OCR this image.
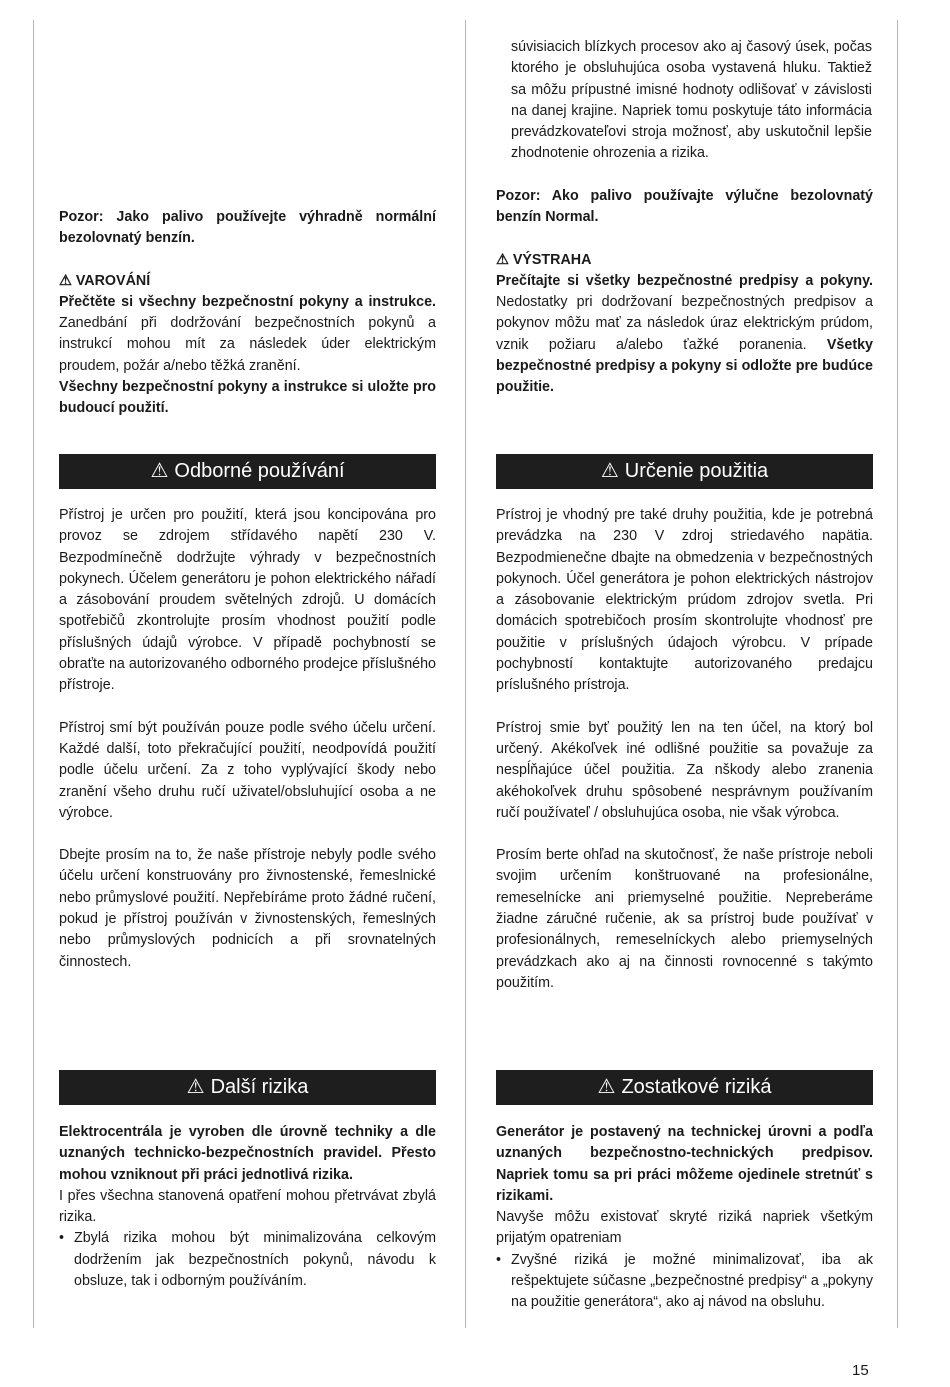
Pozor: Jako palivo používejte výhradně normální bezolovnatý benzín.

⚠ VAROVÁNÍ

Přečtěte si všechny bezpečnostní pokyny a instrukce. Zanedbání při dodržování bezpečnostních pokynů a instrukcí mohou mít za následek úder elektrickým proudem, požár a/nebo těžká zranění.

Všechny bezpečnostní pokyny a instrukce si uložte pro budoucí použití.

⚠ Odborné používání

Přístroj je určen pro použití, která jsou koncipována pro provoz se zdrojem střídavého napětí 230 V. Bezpodmínečně dodržujte výhrady v bezpečnostních pokynech. Účelem generátoru je pohon elektrického nářadí a zásobování proudem světelných zdrojů. U domácích spotřebičů zkontrolujte prosím vhodnost použití podle příslušných údajů výrobce. V případě pochybností se obraťte na autorizovaného odborného prodejce příslušného přístroje.

Přístroj smí být používán pouze podle svého účelu určení. Každé další, toto překračující použití, neodpovídá použití podle účelu určení. Za z toho vyplývající škody nebo zranění všeho druhu ručí uživatel/obsluhující osoba a ne výrobce.

Dbejte prosím na to, že naše přístroje nebyly podle svého účelu určení konstruovány pro živnostenské, řemeslnické nebo průmyslové použití. Nepřebíráme proto žádné ručení, pokud je přístroj používán v živnostenských, řemeslných nebo průmyslových podnicích a při srovnatelných činnostech.

⚠ Další rizika

Elektrocentrála je vyroben dle úrovně techniky a dle uznaných technicko-bezpečnostních pravidel. Přesto mohou vzniknout při práci jednotlivá rizika.

I přes všechna stanovená opatření mohou přetrvávat zbylá rizika.

• Zbylá rizika mohou být minimalizována celkovým dodržením jak bezpečnostních pokynů, návodu k obsluze, tak i odborným používáním.

súvisiacich blízkych procesov ako aj časový úsek, počas ktorého je obsluhujúca osoba vystavená hluku. Taktiež sa môžu prípustné imisné hodnoty odlišovať v závislosti na danej krajine. Napriek tomu poskytuje táto informácia prevádzkovateľovi stroja možnosť, aby uskutočnil lepšie zhodnotenie ohrozenia a rizika.

Pozor: Ako palivo používajte výlučne bezolovnatý benzín Normal.

⚠ VÝSTRAHA

Prečítajte si všetky bezpečnostné predpisy a pokyny. Nedostatky pri dodržovaní bezpečnostných predpisov a pokynov môžu mať za následok úraz elektrickým prúdom, vznik požiaru a/alebo ťažké poranenia. Všetky bezpečnostné predpisy a pokyny si odložte pre budúce použitie.

⚠ Určenie použitia

Prístroj je vhodný pre také druhy použitia, kde je potrebná prevádzka na 230 V zdroj striedavého napätia. Bezpodmienečne dbajte na obmedzenia v bezpečnostných pokynoch. Účel generátora je pohon elektrických nástrojov a zásobovanie elektrickým prúdom zdrojov svetla. Pri domácich spotrebičoch prosím skontrolujte vhodnosť pre použitie v príslušných údajoch výrobcu. V prípade pochybností kontaktujte autorizovaného predajcu príslušného prístroja.

Prístroj smie byť použitý len na ten účel, na ktorý bol určený. Akékoľvek iné odlišné použitie sa považuje za nespĺňajúce účel použitia. Za nškody alebo zranenia akéhokoľvek druhu spôsobené nesprávnym používaním ručí používateľ / obsluhujúca osoba, nie však výrobca.

Prosím berte ohľad na skutočnosť, že naše prístroje neboli svojim určením konštruované na profesionálne, remeselnícke ani priemyselné použitie. Nepreberáme žiadne záručné ručenie, ak sa prístroj bude používať v profesionálnych, remeselníckych alebo priemyselných prevádzkach ako aj na činnosti rovnocenné s takýmto použitím.

⚠ Zostatkové riziká

Generátor je postavený na technickej úrovni a podľa uznaných bezpečnostno-technických predpisov. Napriek tomu sa pri práci môžeme ojedinele stretnúť s rizikami.

Navyše môžu existovať skryté riziká napriek všetkým prijatým opatreniam

• Zvyšné riziká je možné minimalizovať, iba ak rešpektujete súčasne „bezpečnostné predpisy“ a „pokyny na použitie generátora“, ako aj návod na obsluhu.
15
